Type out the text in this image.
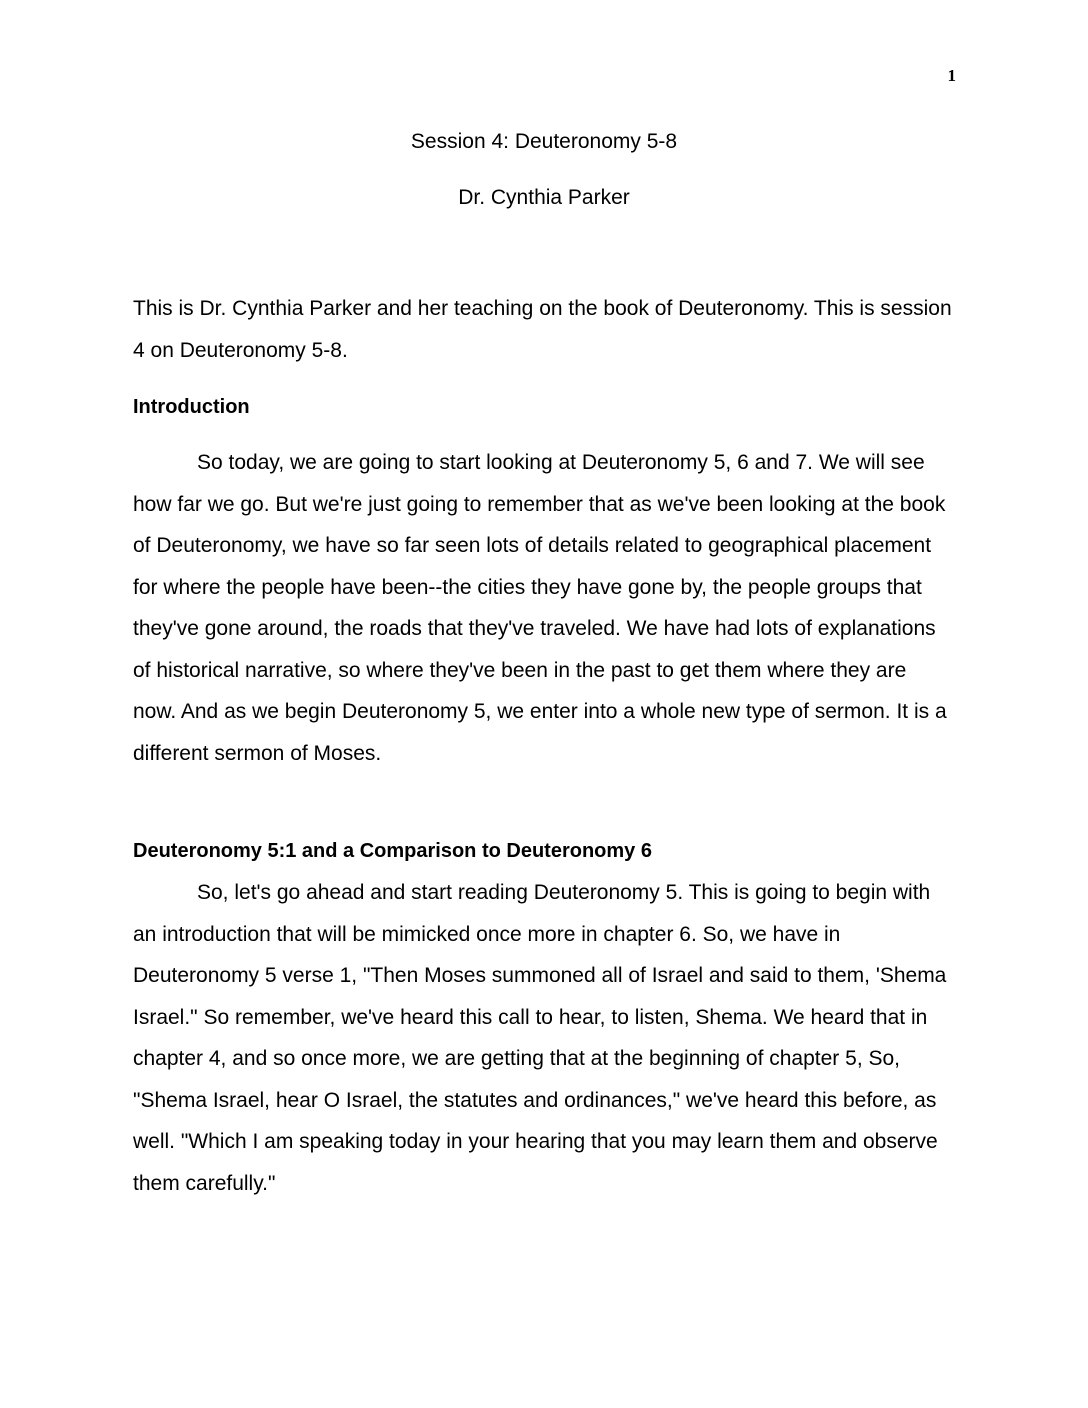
1
Session 4: Deuteronomy 5-8
Dr. Cynthia Parker
This is Dr. Cynthia Parker and her teaching on the book of Deuteronomy. This is session 4 on Deuteronomy 5-8.
Introduction
So today, we are going to start looking at Deuteronomy 5, 6 and 7. We will see how far we go. But we're just going to remember that as we've been looking at the book of Deuteronomy, we have so far seen lots of details related to geographical placement for where the people have been--the cities they have gone by, the people groups that they've gone around, the roads that they've traveled. We have had lots of explanations of historical narrative, so where they've been in the past to get them where they are now. And as we begin Deuteronomy 5, we enter into a whole new type of sermon. It is a different sermon of Moses.
Deuteronomy 5:1 and a Comparison to Deuteronomy 6
So, let's go ahead and start reading Deuteronomy 5. This is going to begin with an introduction that will be mimicked once more in chapter 6. So, we have in Deuteronomy 5 verse 1, "Then Moses summoned all of Israel and said to them, 'Shema Israel." So remember, we've heard this call to hear, to listen, Shema. We heard that in chapter 4, and so once more, we are getting that at the beginning of chapter 5, So, "Shema Israel, hear O Israel, the statutes and ordinances," we've heard this before, as well. "Which I am speaking today in your hearing that you may learn them and observe them carefully."
